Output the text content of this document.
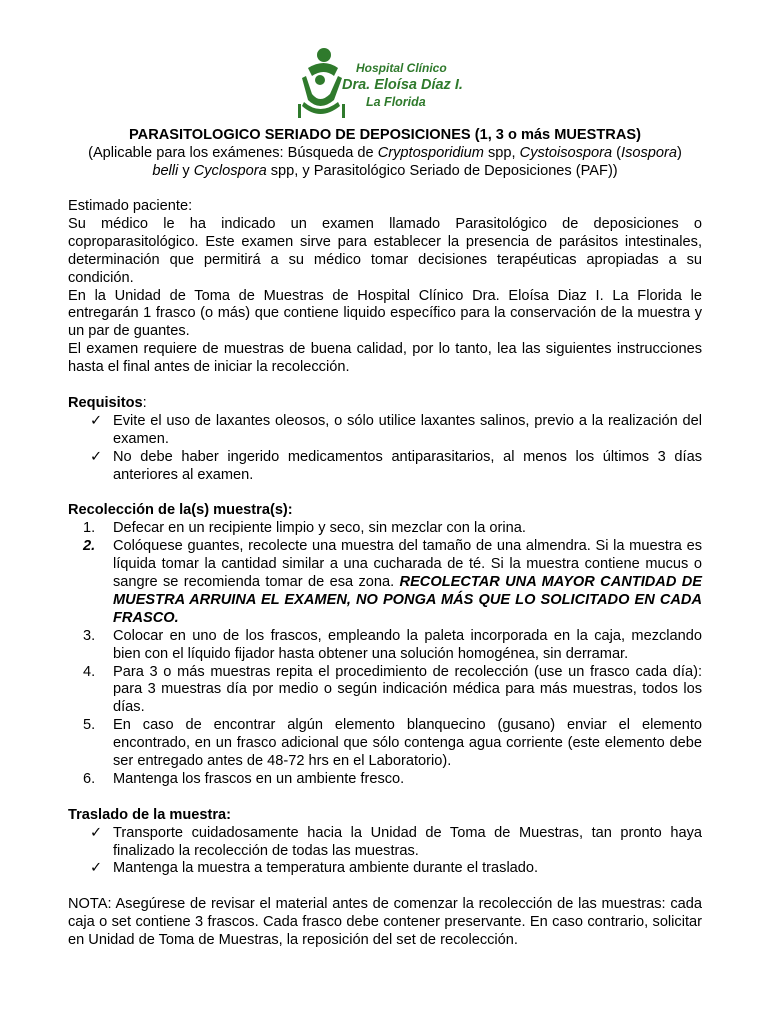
Hospital Clínico
Dra. Eloísa Díaz I.
La Florida
PARASITOLOGICO SERIADO DE DEPOSICIONES (1, 3 o más MUESTRAS)
(Aplicable para los exámenes: Búsqueda de Cryptosporidium spp, Cystoisospora (Isospora)
belli y Cyclospora spp, y Parasitológico Seriado de Deposiciones (PAF))
Estimado paciente:
Su médico le ha indicado un examen llamado Parasitológico de deposiciones o coproparasitológico. Este examen sirve para establecer la presencia de parásitos intestinales, determinación que permitirá a su médico tomar decisiones terapéuticas apropiadas a su condición.
En la Unidad de Toma de Muestras de Hospital Clínico Dra. Eloísa Diaz I. La Florida le entregarán 1 frasco (o más) que contiene liquido específico para la conservación de la muestra y un par de guantes.
El examen requiere de muestras de buena calidad, por lo tanto, lea las siguientes instrucciones hasta el final antes de iniciar la recolección.
Requisitos:
✓ Evite el uso de laxantes oleosos, o sólo utilice laxantes salinos, previo a la realización del examen.
✓ No debe haber ingerido medicamentos antiparasitarios, al menos los últimos 3 días anteriores al examen.
Recolección de la(s) muestra(s):
1. Defecar en un recipiente limpio y seco, sin mezclar con la orina.
2. Colóquese guantes, recolecte una muestra del tamaño de una almendra. Si la muestra es líquida tomar la cantidad similar a una cucharada de té. Si la muestra contiene mucus o sangre se recomienda tomar de esa zona. RECOLECTAR UNA MAYOR CANTIDAD DE MUESTRA ARRUINA EL EXAMEN, NO PONGA MÁS QUE LO SOLICITADO EN CADA FRASCO.
3. Colocar en uno de los frascos, empleando la paleta incorporada en la caja, mezclando bien con el líquido fijador hasta obtener una solución homogénea, sin derramar.
4. Para 3 o más muestras repita el procedimiento de recolección (use un frasco cada día): para 3 muestras día por medio o según indicación médica para más muestras, todos los días.
5. En caso de encontrar algún elemento blanquecino (gusano) enviar el elemento encontrado, en un frasco adicional que sólo contenga agua corriente (este elemento debe ser entregado antes de 48-72 hrs en el Laboratorio).
6. Mantenga los frascos en un ambiente fresco.
Traslado de la muestra:
✓ Transporte cuidadosamente hacia la Unidad de Toma de Muestras, tan pronto haya finalizado la recolección de todas las muestras.
✓ Mantenga la muestra a temperatura ambiente durante el traslado.
NOTA: Asegúrese de revisar el material antes de comenzar la recolección de las muestras: cada caja o set contiene 3 frascos. Cada frasco debe contener preservante. En caso contrario, solicitar en Unidad de Toma de Muestras, la reposición del set de recolección.
